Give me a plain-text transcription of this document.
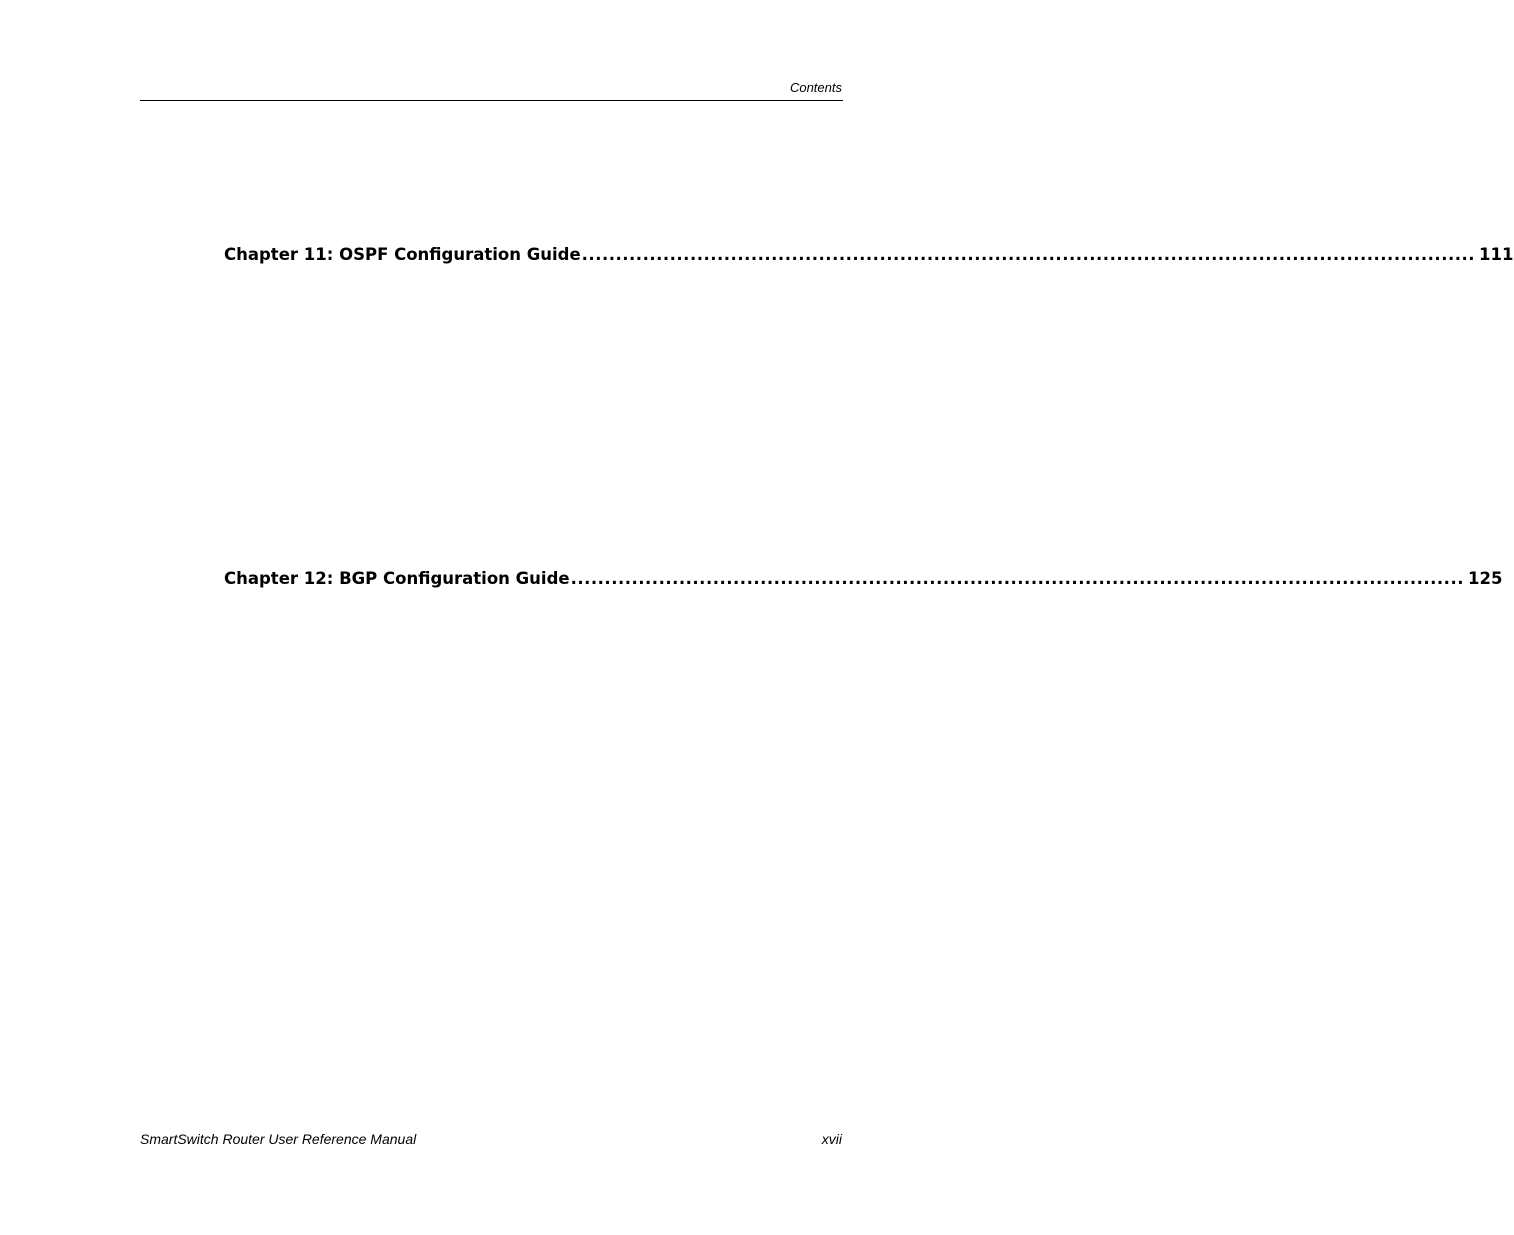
Contents
Chapter 11: OSPF Configuration Guide .................................................................................................................................... 111
Chapter 12: BGP Configuration Guide .................................................................................................................................... 125
SmartSwitch Router User Reference Manual	xvii
